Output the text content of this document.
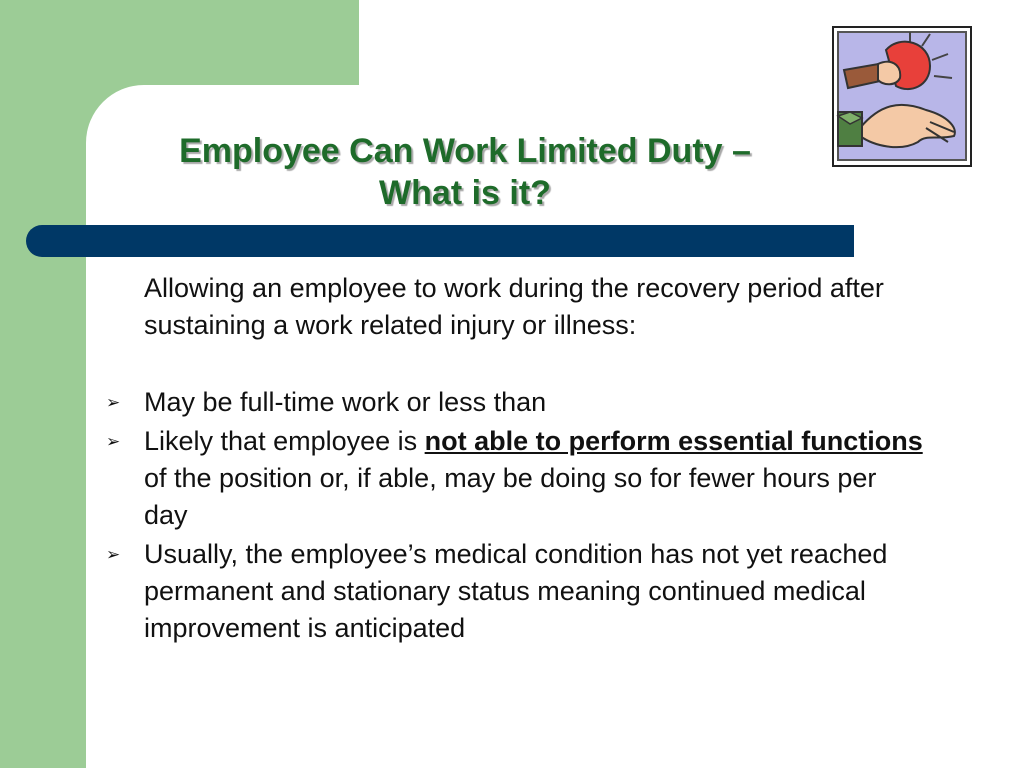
Employee Can Work Limited Duty –
What is it?

Allowing an employee to work during the recovery period after sustaining a work related injury or illness:

➢ May be full-time work or less than
➢ Likely that employee is not able to perform essential functions of the position or, if able, may be doing so for fewer hours per day
➢ Usually, the employee’s medical condition has not yet reached permanent and stationary status meaning continued medical improvement is anticipated
